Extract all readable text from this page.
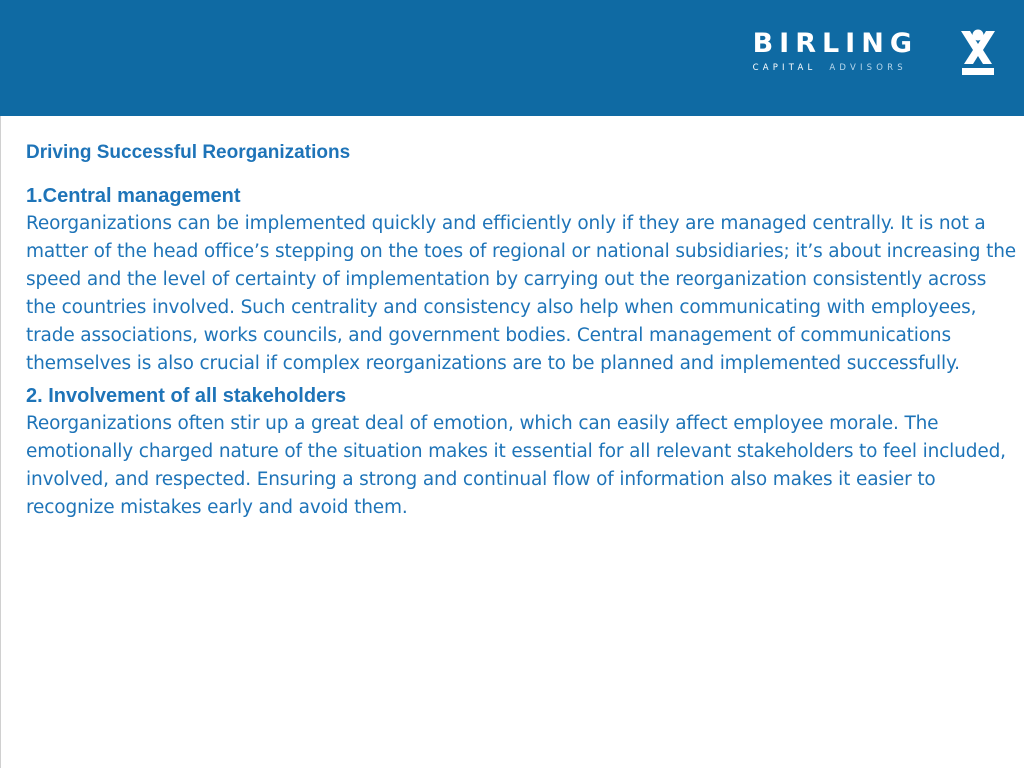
BIRLING
CAPITAL ADVISORS
Driving Successful Reorganizations
1.Central management

Reorganizations can be implemented quickly and efficiently only if they are managed centrally. It is not a matter of the head office’s stepping on the toes of regional or national subsidiaries; it’s about increasing the speed and the level of certainty of implementation by carrying out the reorganization consistently across the countries involved. Such centrality and consistency also help when communicating with employees, trade associations, works councils, and government bodies. Central management of communications themselves is also crucial if complex reorganizations are to be planned and implemented successfully.

2. Involvement of all stakeholders

Reorganizations often stir up a great deal of emotion, which can easily affect employee morale. The emotionally charged nature of the situation makes it essential for all relevant stakeholders to feel included, involved, and respected. Ensuring a strong and continual flow of information also makes it easier to recognize mistakes early and avoid them.
